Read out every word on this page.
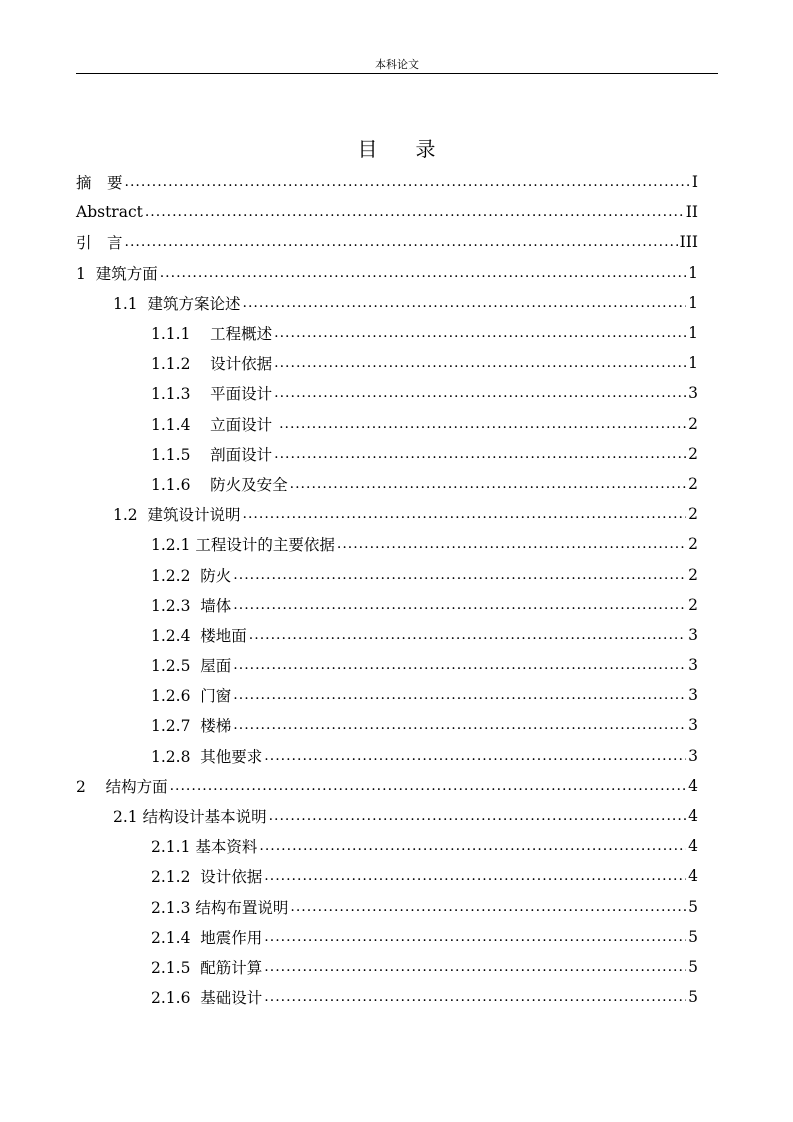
本科论文
目录
摘　要 .....	I
Abstract .....	II
引　言 .....	III
1  建筑方面 .....	1
1.1  建筑方案论述 .....	1
1.1.1    工程概述 .....	1
1.1.2    设计依据 .....	1
1.1.3    平面设计 .....	3
1.1.4    立面设计 .....	2
1.1.5    剖面设计 .....	2
1.1.6    防火及安全 .....	2
1.2  建筑设计说明 .....	2
1.2.1 工程设计的主要依据 .....	2
1.2.2  防火 .....	2
1.2.3  墙体 .....	2
1.2.4  楼地面 .....	3
1.2.5  屋面 .....	3
1.2.6  门窗 .....	3
1.2.7  楼梯 .....	3
1.2.8  其他要求 .....	3
2    结构方面 .....	4
2.1 结构设计基本说明 .....	4
2.1.1 基本资料 .....	4
2.1.2  设计依据 .....	4
2.1.3 结构布置说明 .....	5
2.1.4  地震作用 .....	5
2.1.5  配筋计算 .....	5
2.1.6  基础设计 .....	5
